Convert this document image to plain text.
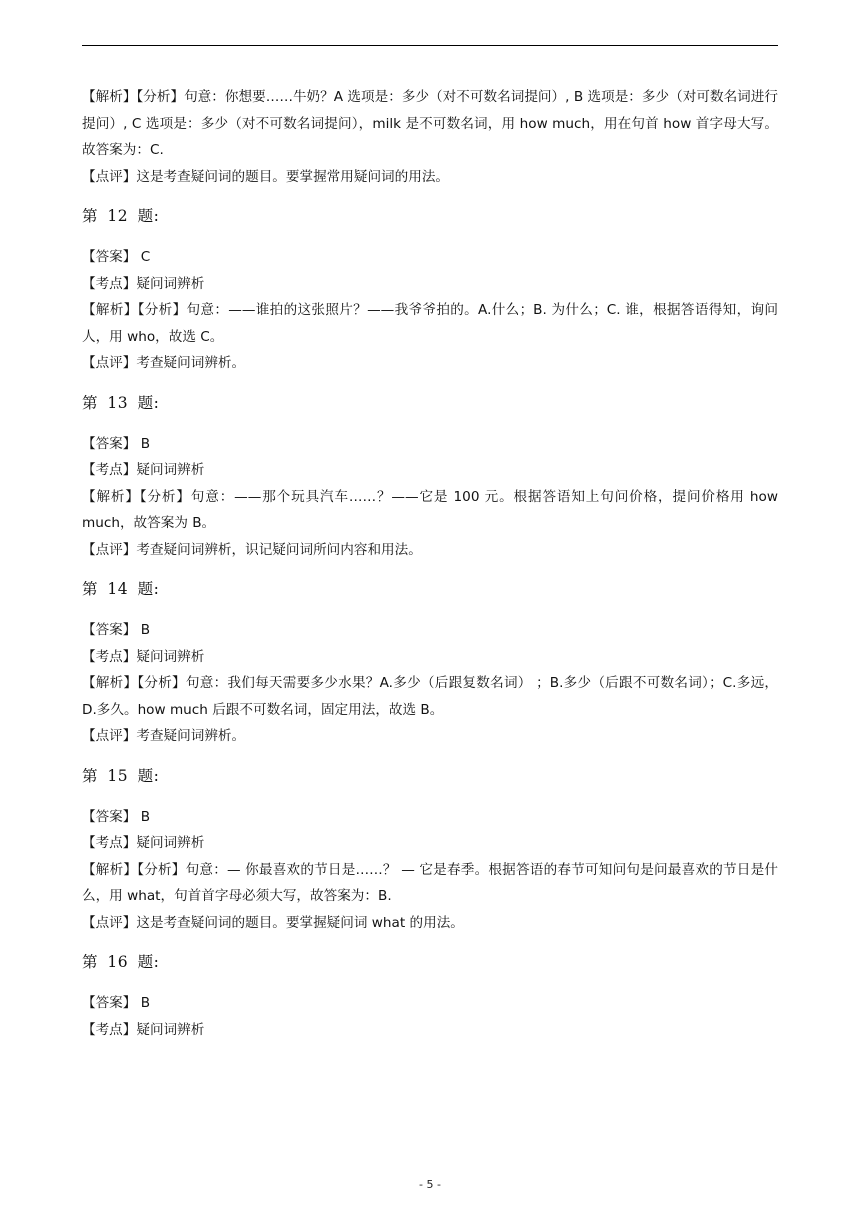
【解析】【分析】句意：你想要……牛奶？A 选项是：多少（对不可数名词提问）, B 选项是：多少（对可数名词进行提问）, C 选项是：多少（对不可数名词提问），milk 是不可数名词，用 how much，用在句首 how 首字母大写。故答案为：C.

【点评】这是考查疑问词的题目。要掌握常用疑问词的用法。

第 12 题:

【答案】 C

【考点】疑问词辨析

【解析】【分析】句意：——谁拍的这张照片？——我爷爷拍的。A.什么；B. 为什么；C. 谁，根据答语得知，询问人，用 who，故选 C。

【点评】考查疑问词辨析。

第 13 题:

【答案】 B

【考点】疑问词辨析

【解析】【分析】句意：——那个玩具汽车……？——它是 100 元。根据答语知上句问价格，提问价格用 how much，故答案为 B。

【点评】考查疑问词辨析，识记疑问词所问内容和用法。

第 14 题:

【答案】 B

【考点】疑问词辨析

【解析】【分析】句意：我们每天需要多少水果？A.多少（后跟复数名词） ；B.多少（后跟不可数名词）；C.多远，D.多久。how much 后跟不可数名词，固定用法，故选 B。

【点评】考查疑问词辨析。

第 15 题:

【答案】 B

【考点】疑问词辨析

【解析】【分析】句意：— 你最喜欢的节日是……？ — 它是春季。根据答语的春节可知问句是问最喜欢的节日是什么，用 what，句首首字母必须大写，故答案为：B.

【点评】这是考查疑问词的题目。要掌握疑问词 what 的用法。

第 16 题:

【答案】 B

【考点】疑问词辨析

- 5 -
